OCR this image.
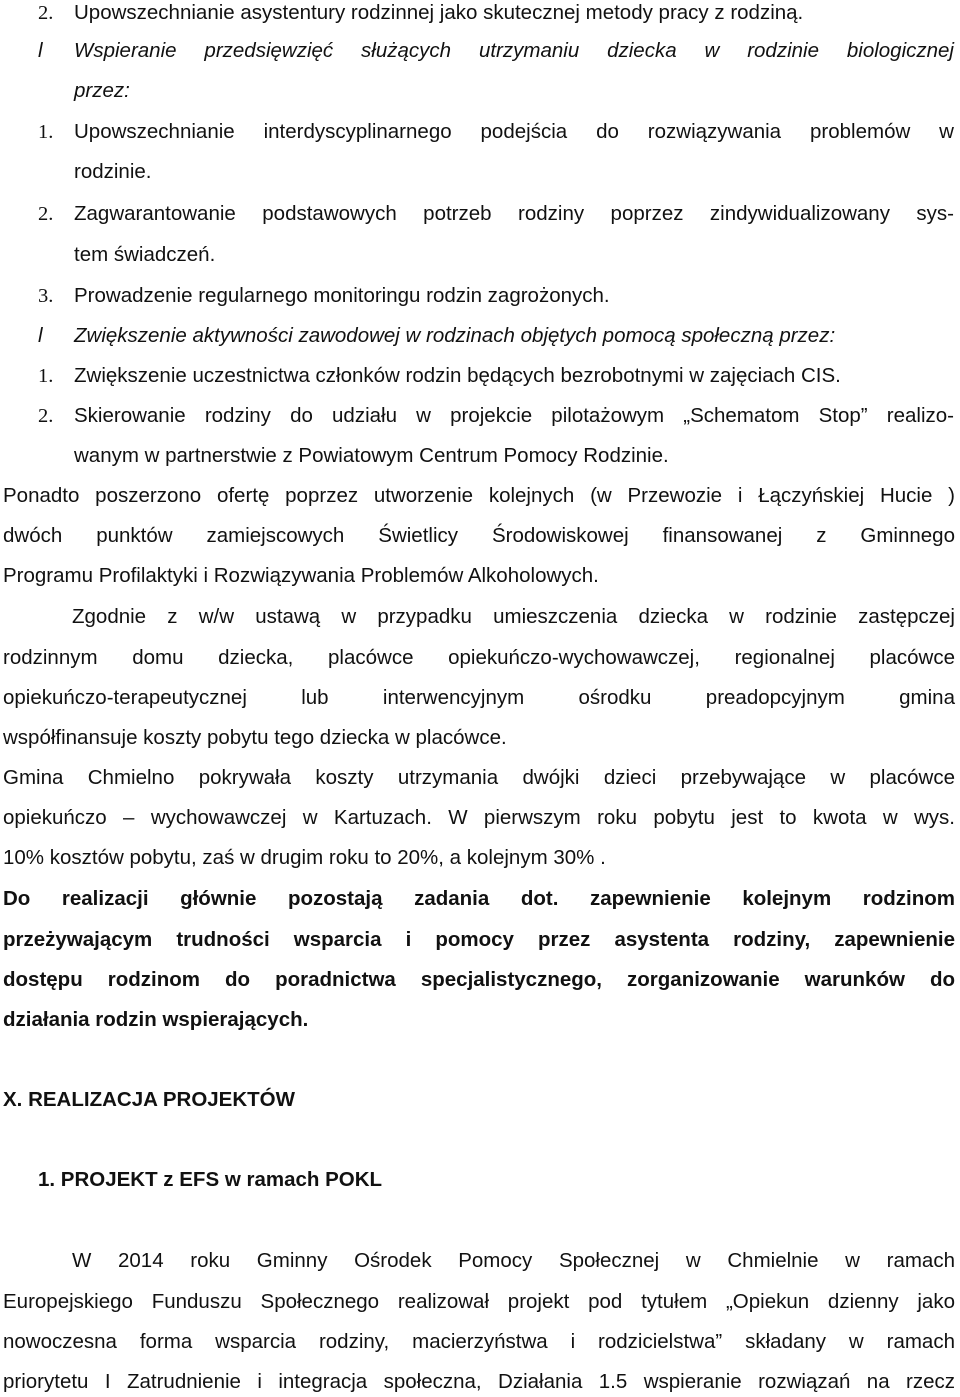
2. Upowszechnianie asystentury rodzinnej jako skutecznej metody pracy z rodziną.
l Wspieranie przedsięwzięć służących utrzymaniu dziecka w rodzinie biologicznej
przez:
1. Upowszechnianie interdyscyplinarnego podejścia do rozwiązywania problemów w
rodzinie.
2. Zagwarantowanie podstawowych potrzeb rodziny poprzez zindywidualizowany sys-
tem świadczeń.
3. Prowadzenie regularnego monitoringu rodzin zagrożonych.
l Zwiększenie aktywności zawodowej w rodzinach objętych pomocą społeczną przez:
1. Zwiększenie uczestnictwa członków rodzin będących bezrobotnymi w zajęciach CIS.
2. Skierowanie rodziny do udziału w projekcie pilotażowym „Schematom Stop” realizo-
wanym w partnerstwie z Powiatowym Centrum Pomocy Rodzinie.
Ponadto poszerzono ofertę poprzez utworzenie kolejnych (w Przewozie i Łączyńskiej Hucie )
dwóch punktów zamiejscowych Świetlicy Środowiskowej finansowanej z Gminnego
Programu Profilaktyki i Rozwiązywania Problemów Alkoholowych.
Zgodnie z w/w ustawą w przypadku umieszczenia dziecka w rodzinie zastępczej
rodzinnym domu dziecka, placówce opiekuńczo-wychowawczej, regionalnej placówce
opiekuńczo-terapeutycznej lub interwencyjnym ośrodku preadopcyjnym gmina
współfinansuje koszty pobytu tego dziecka w placówce.
Gmina Chmielno pokrywała koszty utrzymania dwójki dzieci przebywające w placówce
opiekuńczo – wychowawczej w Kartuzach. W pierwszym roku pobytu jest to kwota w wys.
10% kosztów pobytu, zaś w drugim roku to 20%, a kolejnym 30% .
Do realizacji głównie pozostają zadania dot. zapewnienie kolejnym rodzinom
przeżywającym trudności wsparcia i pomocy przez asystenta rodziny, zapewnienie
dostępu rodzinom do poradnictwa specjalistycznego, zorganizowanie warunków do
działania rodzin wspierających.
X. REALIZACJA PROJEKTÓW
1. PROJEKT z EFS w ramach POKL
W 2014 roku Gminny Ośrodek Pomocy Społecznej w Chmielnie w ramach
Europejskiego Funduszu Społecznego realizował projekt pod tytułem „Opiekun dzienny jako
nowoczesna forma wsparcia rodziny, macierzyństwa i rodzicielstwa” składany w ramach
priorytetu I Zatrudnienie i integracja społeczna, Działania 1.5 wspieranie rozwiązań na rzecz
